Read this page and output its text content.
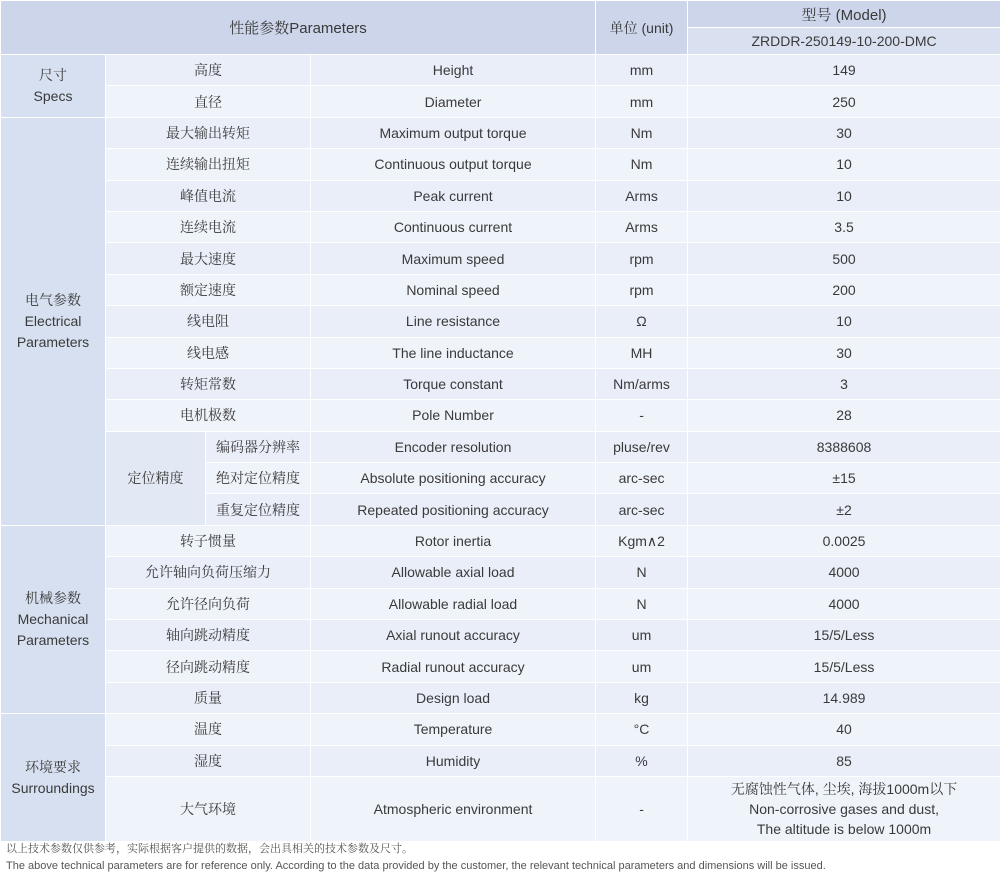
性能参数Parameters				单位 (unit)	型号 (Model)
					ZRDDR-250149-10-200-DMC

尺寸
Specs	高度		Height	mm	149
	直径		Diameter	mm	250

电气参数
Electrical
Parameters	最大输出转矩		Maximum output torque	Nm	30
	连续输出扭矩		Continuous output torque	Nm	10
	峰值电流		Peak current	Arms	10
	连续电流		Continuous current	Arms	3.5
	最大速度		Maximum speed	rpm	500
	额定速度		Nominal speed	rpm	200
	线电阻		Line resistance	Ω	10
	线电感		The line inductance	MH	30
	转矩常数		Torque constant	Nm/arms	3
	电机极数		Pole Number	-	28
	定位精度	编码器分辨率	Encoder resolution	pluse/rev	8388608
		绝对定位精度	Absolute positioning accuracy	arc-sec	±15
		重复定位精度	Repeated positioning accuracy	arc-sec	±2

机械参数
Mechanical
Parameters	转子惯量		Rotor inertia	Kgm∧2	0.0025
	允许轴向负荷压缩力		Allowable axial load	N	4000
	允许径向负荷		Allowable radial load	N	4000
	轴向跳动精度		Axial runout accuracy	um	15/5/Less
	径向跳动精度		Radial runout accuracy	um	15/5/Less
	质量		Design load	kg	14.989

环境要求
Surroundings	温度		Temperature	°C	40
	湿度		Humidity	%	85
	大气环境		Atmospheric environment	-	无腐蚀性气体, 尘埃, 海拔1000m以下
Non-corrosive gases and dust,
The altitude is below 1000m
以上技术参数仅供参考，实际根据客户提供的数据，会出具相关的技术参数及尺寸。
The above technical parameters are for reference only. According to the data provided by the customer, the relevant technical parameters and dimensions will be issued.
